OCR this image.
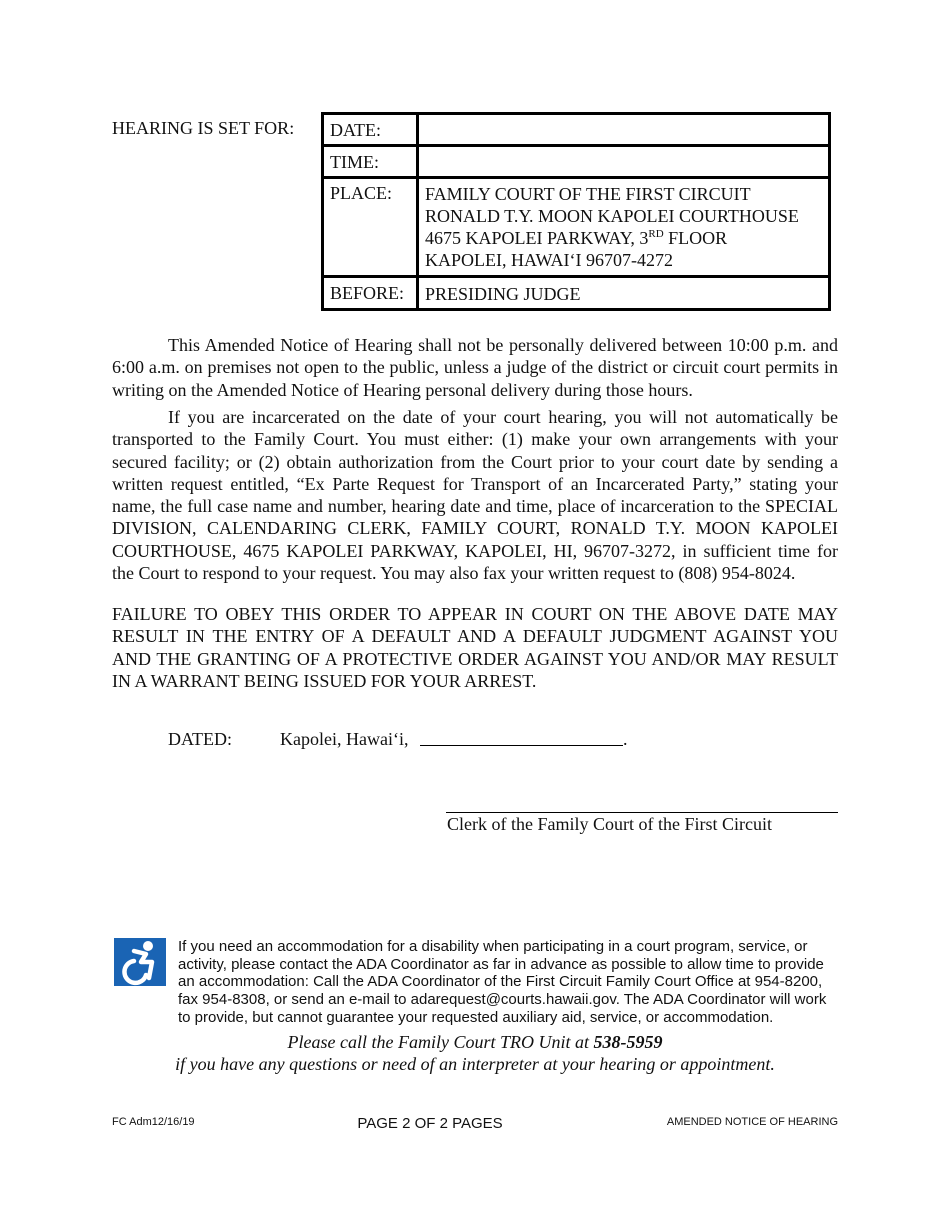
HEARING IS SET FOR: DATE:	
TIME:	
PLACE:	FAMILY COURT OF THE FIRST CIRCUIT
RONALD T.Y. MOON KAPOLEI COURTHOUSE
4675 KAPOLEI PARKWAY, 3RD FLOOR
KAPOLEI, HAWAI‘I 96707-4272

BEFORE:	PRESIDING JUDGE
This Amended Notice of Hearing shall not be personally delivered between 10:00 p.m. and 6:00 a.m. on premises not open to the public, unless a judge of the district or circuit court permits in writing on the Amended Notice of Hearing personal delivery during those hours.
If you are incarcerated on the date of your court hearing, you will not automatically be transported to the Family Court. You must either: (1) make your own arrangements with your secured facility; or (2) obtain authorization from the Court prior to your court date by sending a written request entitled, “Ex Parte Request for Transport of an Incarcerated Party,” stating your name, the full case name and number, hearing date and time, place of incarceration to the SPECIAL DIVISION, CALENDARING CLERK, FAMILY COURT, RONALD T.Y. MOON KAPOLEI COURTHOUSE, 4675 KAPOLEI PARKWAY, KAPOLEI, HI, 96707-3272, in sufficient time for the Court to respond to your request. You may also fax your written request to (808) 954-8024.
FAILURE TO OBEY THIS ORDER TO APPEAR IN COURT ON THE ABOVE DATE MAY RESULT IN THE ENTRY OF A DEFAULT AND A DEFAULT JUDGMENT AGAINST YOU AND THE GRANTING OF A PROTECTIVE ORDER AGAINST YOU AND/OR MAY RESULT IN A WARRANT BEING ISSUED FOR YOUR ARREST.
DATED:	Kapolei, Hawai‘i,	.
Clerk of the Family Court of the First Circuit
If you need an accommodation for a disability when participating in a court program, service, or activity, please contact the ADA Coordinator as far in advance as possible to allow time to provide an accommodation: Call the ADA Coordinator of the First Circuit Family Court Office at 954-8200, fax 954-8308, or send an e-mail to adarequest@courts.hawaii.gov. The ADA Coordinator will work to provide, but cannot guarantee your requested auxiliary aid, service, or accommodation.
Please call the Family Court TRO Unit at 538-5959
if you have any questions or need of an interpreter at your hearing or appointment.
FC Adm12/16/19	PAGE 2 OF 2 PAGES	AMENDED NOTICE OF HEARING
